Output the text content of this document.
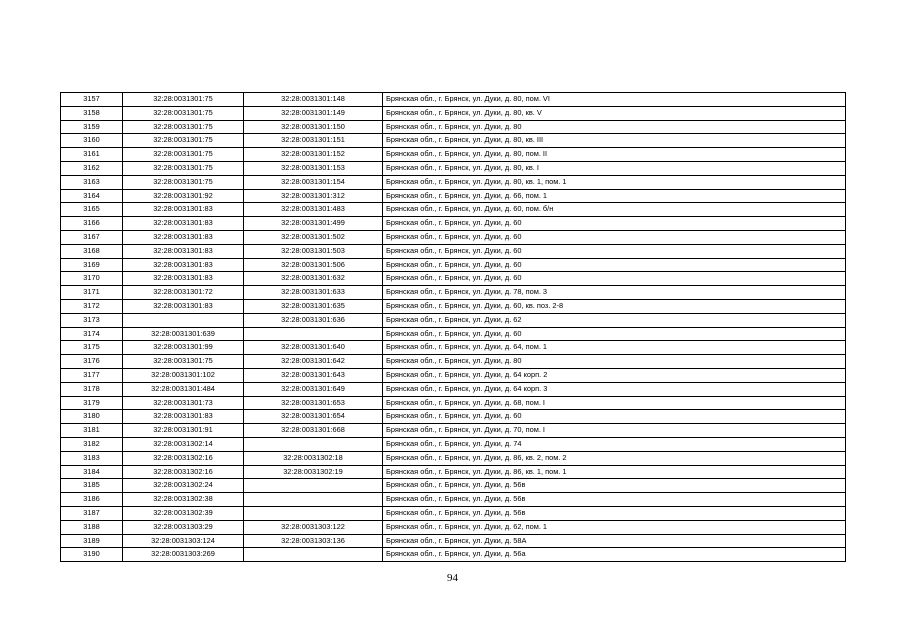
3157	32:28:0031301:75	32:28:0031301:148	Брянская обл., г. Брянск, ул. Дуки, д. 80, пом. VI
3158	32:28:0031301:75	32:28:0031301:149	Брянская обл., г. Брянск, ул. Дуки, д. 80, кв. V
3159	32:28:0031301:75	32:28:0031301:150	Брянская обл., г. Брянск, ул. Дуки, д. 80
3160	32:28:0031301:75	32:28:0031301:151	Брянская обл., г. Брянск, ул. Дуки, д. 80, кв. III
3161	32:28:0031301:75	32:28:0031301:152	Брянская обл., г. Брянск, ул. Дуки, д. 80, пом. II
3162	32:28:0031301:75	32:28:0031301:153	Брянская обл., г. Брянск, ул. Дуки, д. 80, кв. I
3163	32:28:0031301:75	32:28:0031301:154	Брянская обл., г. Брянск, ул. Дуки, д. 80, кв. 1, пом. 1
3164	32:28:0031301:92	32:28:0031301:312	Брянская обл., г. Брянск, ул. Дуки, д. 66, пом. 1
3165	32:28:0031301:83	32:28:0031301:483	Брянская обл., г. Брянск, ул. Дуки, д. 60, пом. б/н
3166	32:28:0031301:83	32:28:0031301:499	Брянская обл., г. Брянск, ул. Дуки, д. 60
3167	32:28:0031301:83	32:28:0031301:502	Брянская обл., г. Брянск, ул. Дуки, д. 60
3168	32:28:0031301:83	32:28:0031301:503	Брянская обл., г. Брянск, ул. Дуки, д. 60
3169	32:28:0031301:83	32:28:0031301:506	Брянская обл., г. Брянск, ул. Дуки, д. 60
3170	32:28:0031301:83	32:28:0031301:632	Брянская обл., г. Брянск, ул. Дуки, д. 60
3171	32:28:0031301:72	32:28:0031301:633	Брянская обл., г. Брянск, ул. Дуки, д. 78, пом. 3
3172	32:28:0031301:83	32:28:0031301:635	Брянская обл., г. Брянск, ул. Дуки, д. 60, кв. поз. 2-8
3173		32:28:0031301:636	Брянская обл., г. Брянск, ул. Дуки, д. 62
3174	32:28:0031301:639		Брянская обл., г. Брянск, ул. Дуки, д. 60
3175	32:28:0031301:99	32:28:0031301:640	Брянская обл., г. Брянск, ул. Дуки, д. 64, пом. 1
3176	32:28:0031301:75	32:28:0031301:642	Брянская обл., г. Брянск, ул. Дуки, д. 80
3177	32:28:0031301:102	32:28:0031301:643	Брянская обл., г. Брянск, ул. Дуки, д. 64 корп. 2
3178	32:28:0031301:484	32:28:0031301:649	Брянская обл., г. Брянск, ул. Дуки, д. 64 корп. 3
3179	32:28:0031301:73	32:28:0031301:653	Брянская обл., г. Брянск, ул. Дуки, д. 68, пом. I
3180	32:28:0031301:83	32:28:0031301:654	Брянская обл., г. Брянск, ул. Дуки, д. 60
3181	32:28:0031301:91	32:28:0031301:668	Брянская обл., г. Брянск, ул. Дуки, д. 70, пом. I
3182	32:28:0031302:14		Брянская обл., г. Брянск, ул. Дуки, д. 74
3183	32:28:0031302:16	32:28:0031302:18	Брянская обл., г. Брянск, ул. Дуки, д. 86, кв. 2, пом. 2
3184	32:28:0031302:16	32:28:0031302:19	Брянская обл., г. Брянск, ул. Дуки, д. 86, кв. 1, пом. 1
3185	32:28:0031302:24		Брянская обл., г. Брянск, ул. Дуки, д. 56в
3186	32:28:0031302:38		Брянская обл., г. Брянск, ул. Дуки, д. 56в
3187	32:28:0031302:39		Брянская обл., г. Брянск, ул. Дуки, д. 56в
3188	32:28:0031303:29	32:28:0031303:122	Брянская обл., г. Брянск, ул. Дуки, д. 62, пом. 1
3189	32:28:0031303:124	32:28:0031303:136	Брянская обл., г. Брянск, ул. Дуки, д. 58А
3190	32:28:0031303:269		Брянская обл., г. Брянск, ул. Дуки, д. 56а
94
